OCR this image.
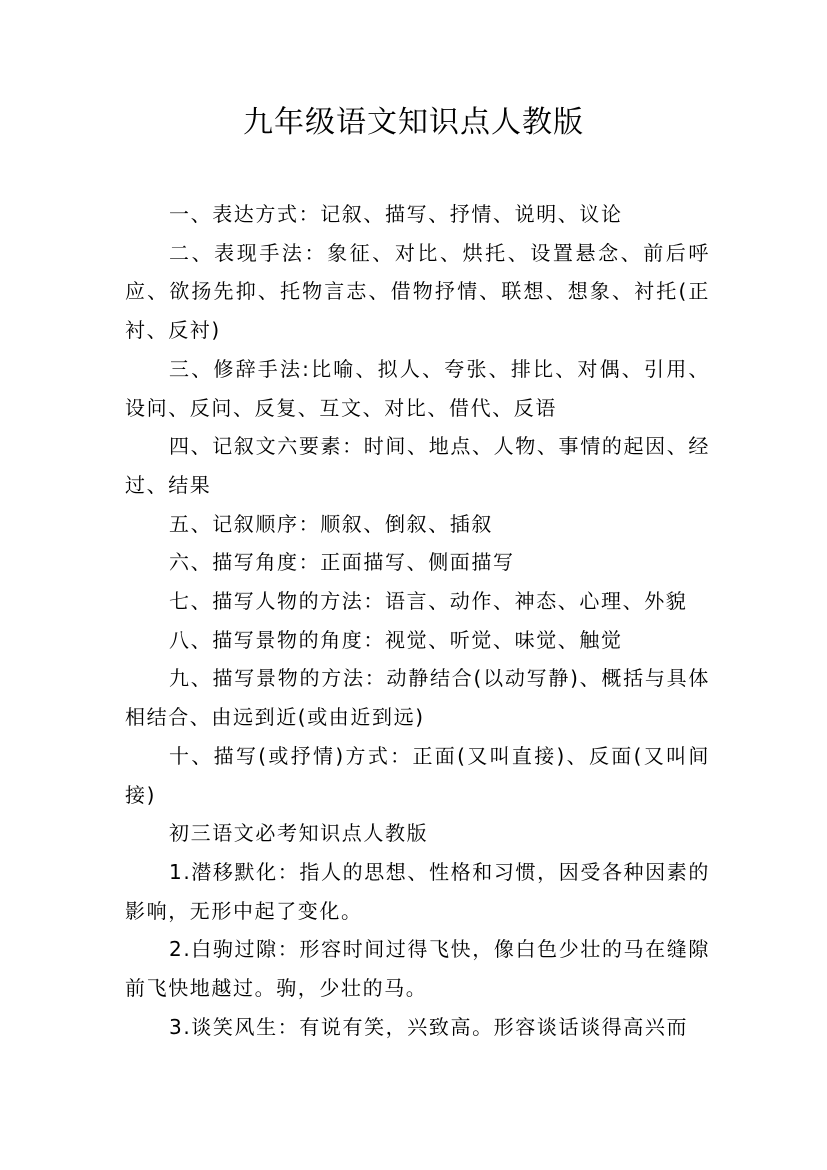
九年级语文知识点人教版

一、表达方式：记叙、描写、抒情、说明、议论

二、表现手法：象征、对比、烘托、设置悬念、前后呼应、欲扬先抑、托物言志、借物抒情、联想、想象、衬托(正衬、反衬)

三、修辞手法:比喻、拟人、夸张、排比、对偶、引用、设问、反问、反复、互文、对比、借代、反语

四、记叙文六要素：时间、地点、人物、事情的起因、经过、结果

五、记叙顺序：顺叙、倒叙、插叙

六、描写角度：正面描写、侧面描写

七、描写人物的方法：语言、动作、神态、心理、外貌

八、描写景物的角度：视觉、听觉、味觉、触觉

九、描写景物的方法：动静结合(以动写静)、概括与具体相结合、由远到近(或由近到远)

十、描写(或抒情)方式：正面(又叫直接)、反面(又叫间接)

初三语文必考知识点人教版

1.潜移默化：指人的思想、性格和习惯，因受各种因素的影响，无形中起了变化。

2.白驹过隙：形容时间过得飞快，像白色少壮的马在缝隙前飞快地越过。驹，少壮的马。

3.谈笑风生：有说有笑，兴致高。形容谈话谈得高兴而
